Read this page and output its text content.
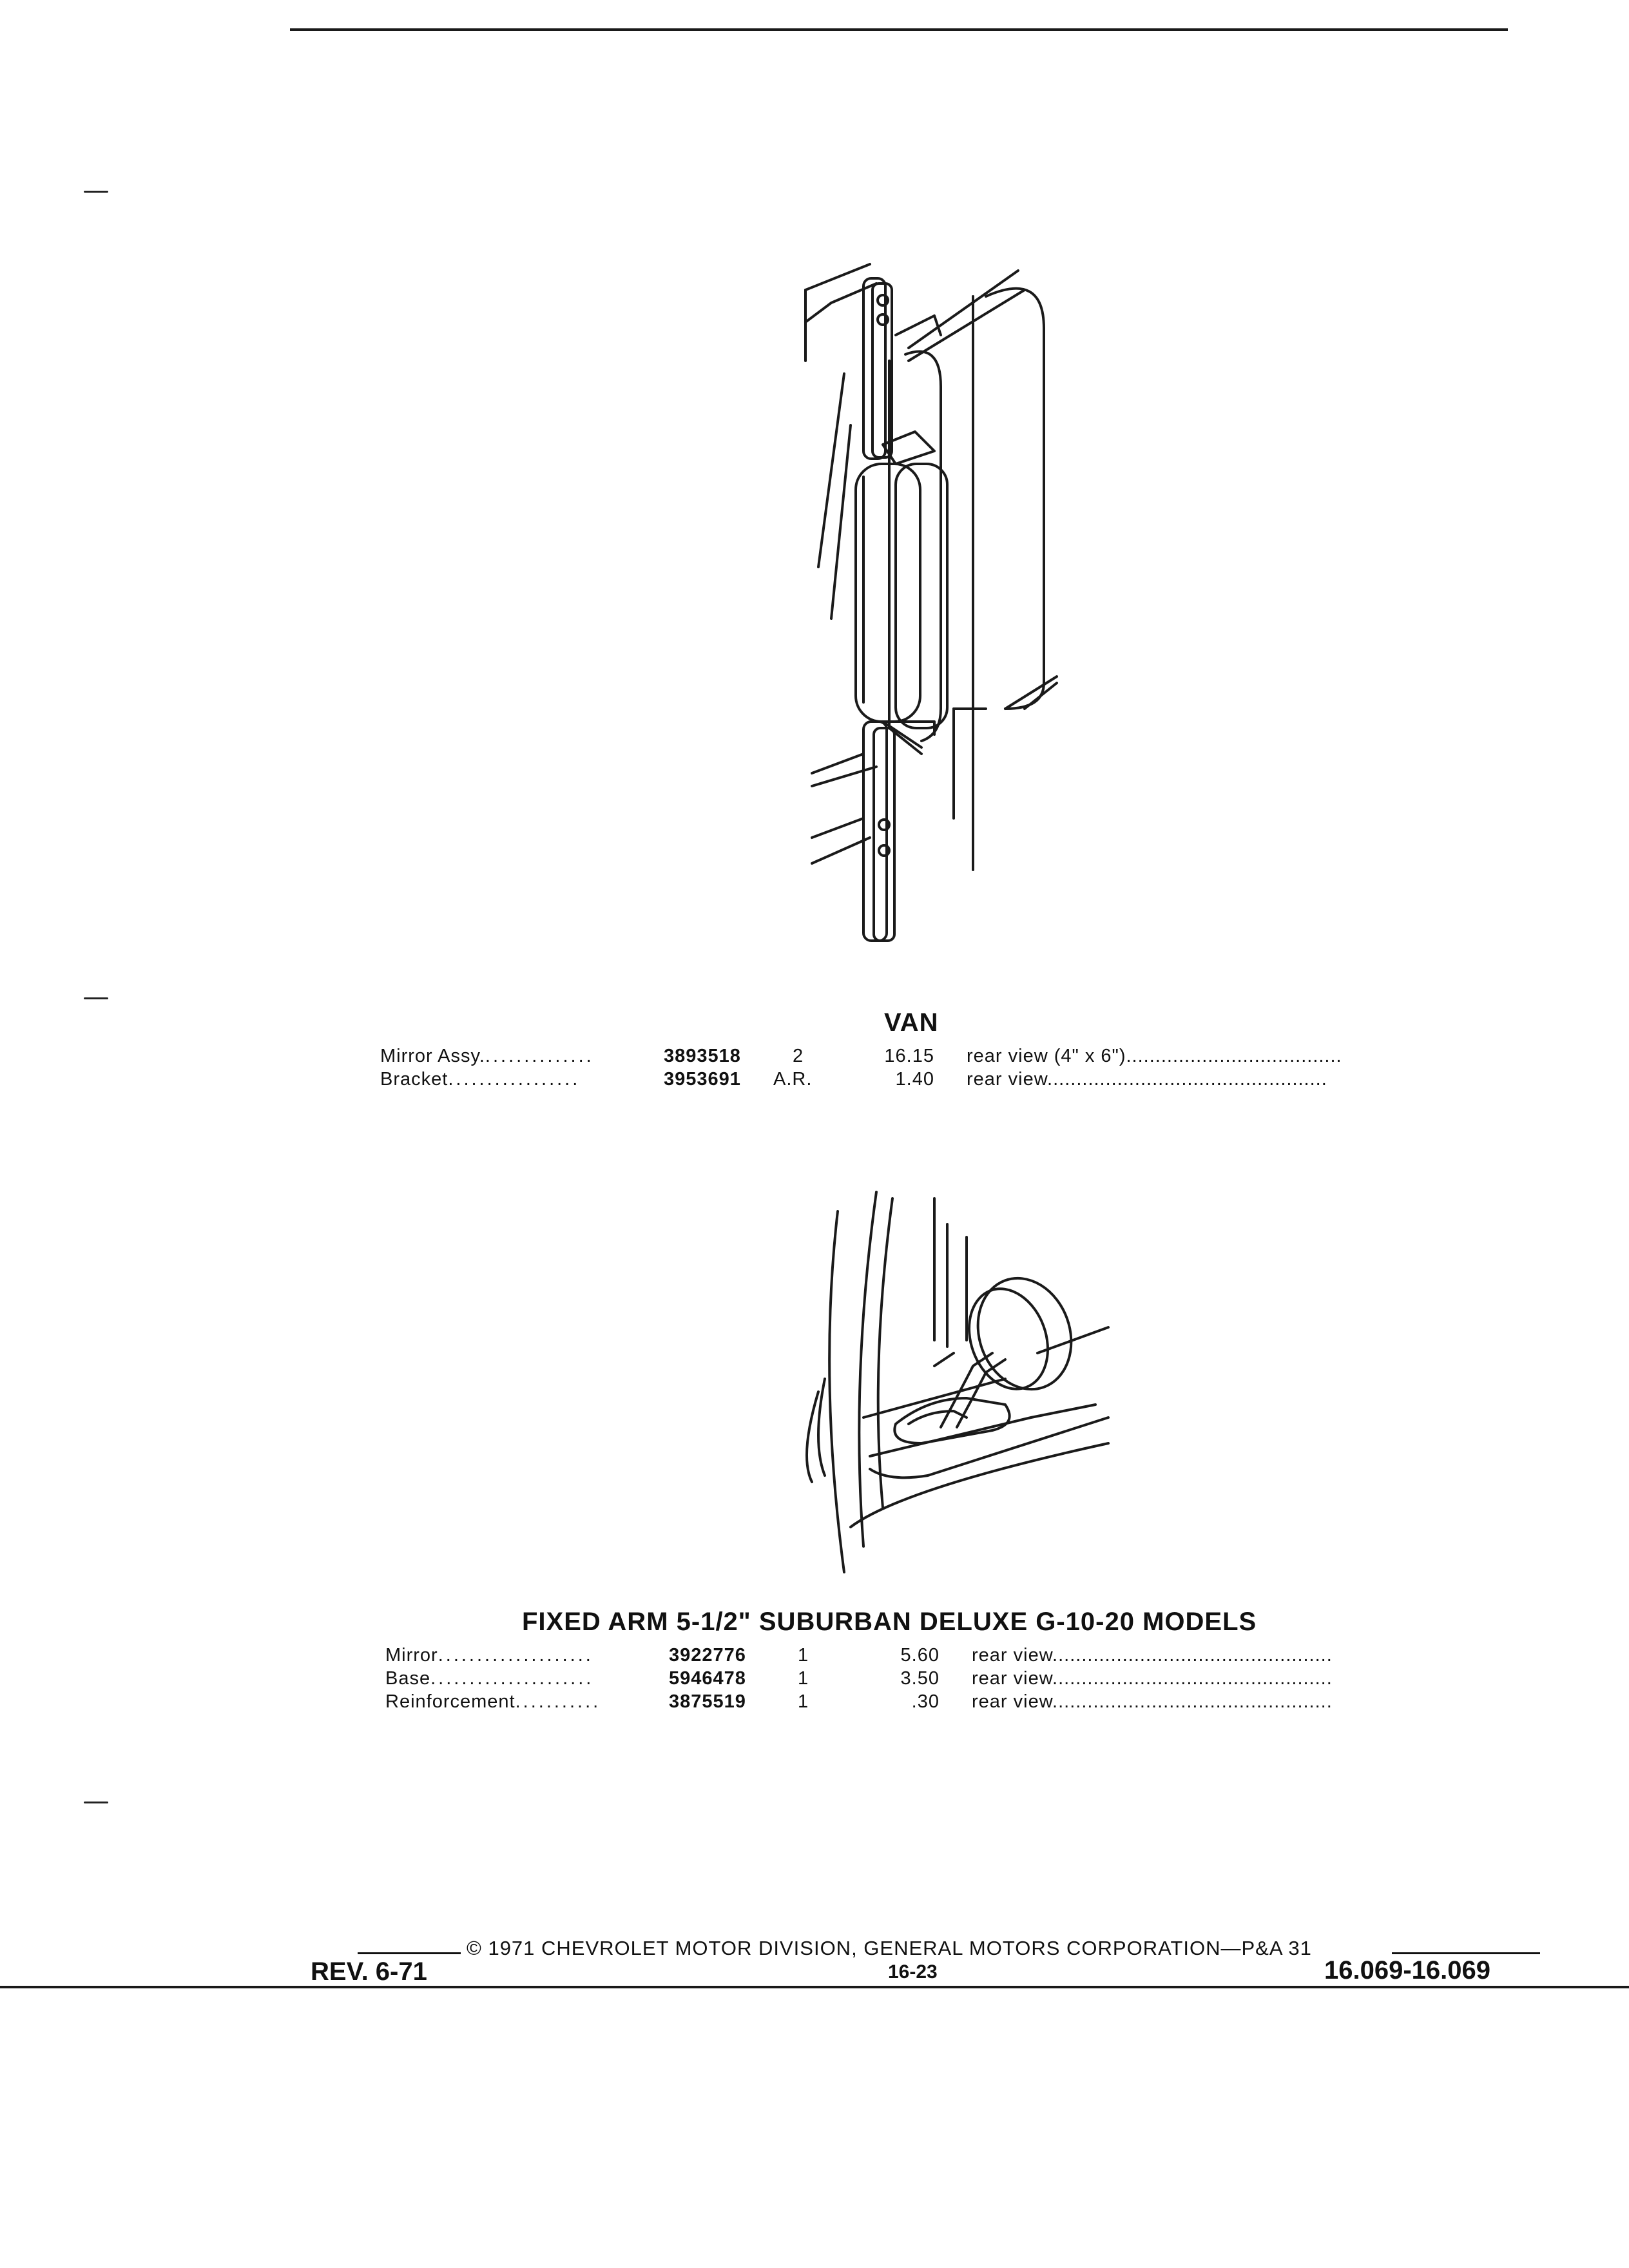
VAN
Mirror Assy...............	3893518	2	16.15 rear view (4" x 6").....................................
Bracket.................	3953691 A.R.	1.40 rear view................................................
FIXED ARM 5-1/2" SUBURBAN DELUXE G-10-20 MODELS
Mirror....................	3922776	1	5.60 rear view................................................
Base.....................	5946478	1	3.50 rear view................................................
Reinforcement...........	3875519	1	.30 rear view................................................
© 1971 CHEVROLET MOTOR DIVISION, GENERAL MOTORS CORPORATION—P&A 31
REV. 6-71	16-23	16.069-16.069
